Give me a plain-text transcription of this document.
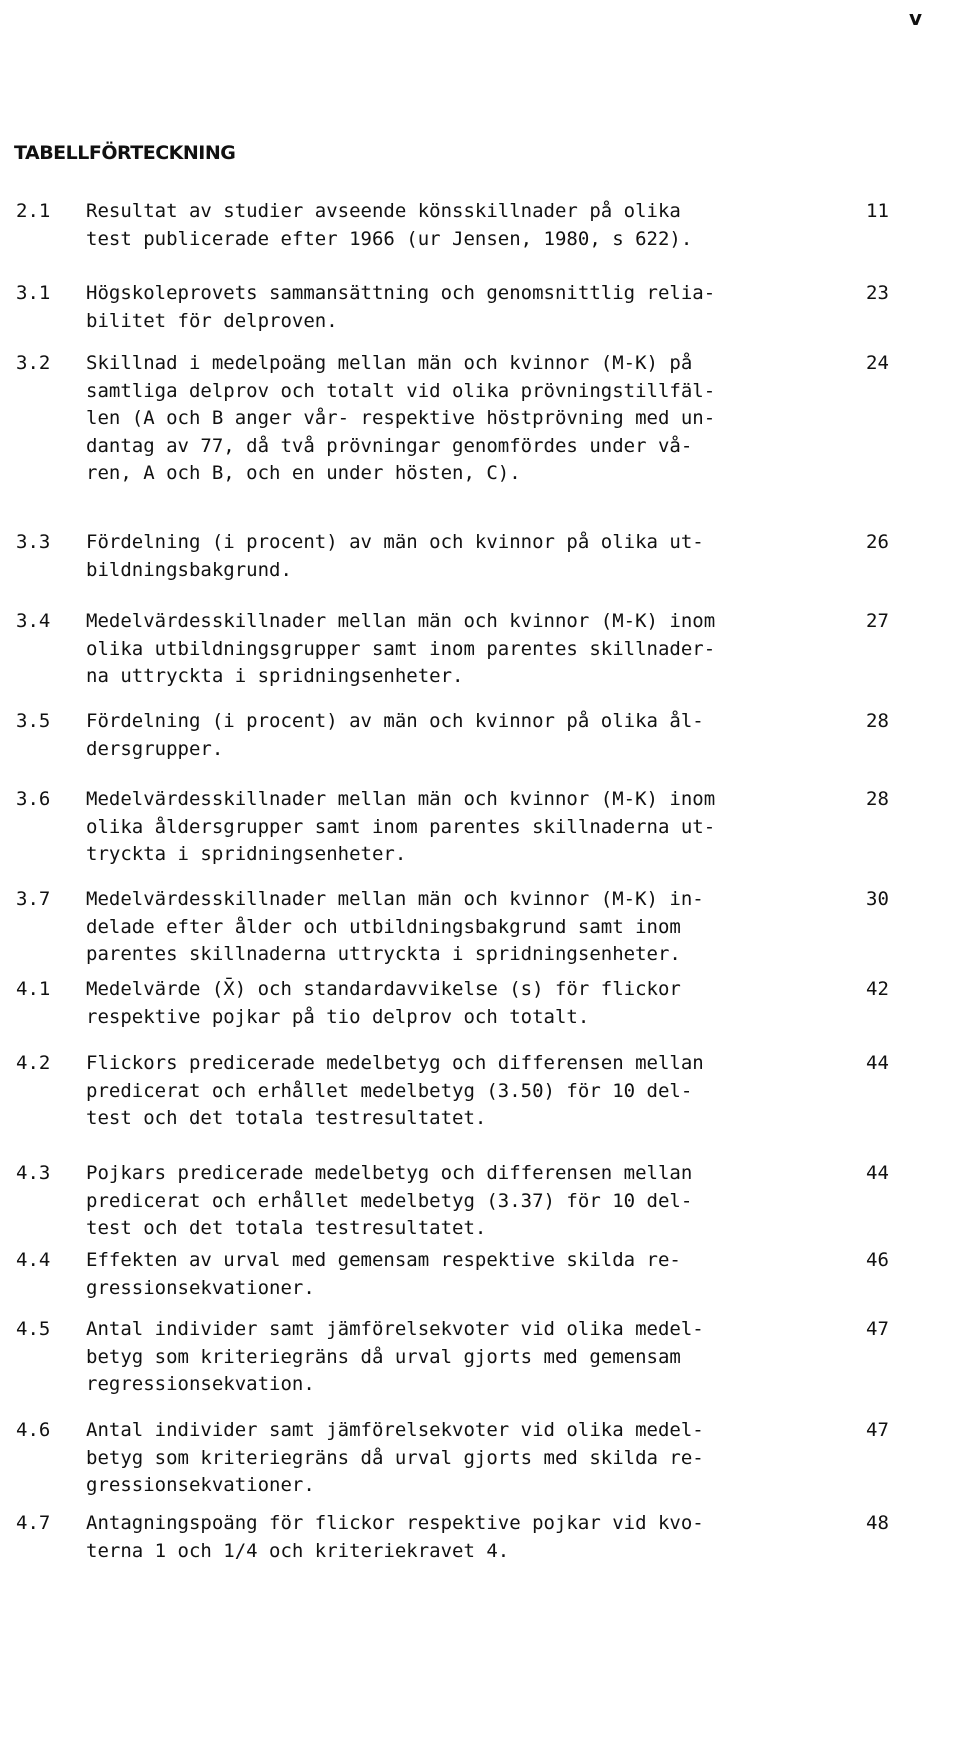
v
TABELLFÖRTECKNING
2.1 Resultat av studier avseende könsskillnader på olika
test publicerade efter 1966 (ur Jensen, 1980, s 622).
11
3.1 Högskoleprovets sammansättning och genomsnittlig relia-
bilitet för delproven.
23
3.2 Skillnad i medelpoäng mellan män och kvinnor (M-K) på
samtliga delprov och totalt vid olika prövningstillfäl-
len (A och B anger vår- respektive höstprövning med un-
dantag av 77, då två prövningar genomfördes under vå-
ren, A och B, och en under hösten, C).
24
3.3 Fördelning (i procent) av män och kvinnor på olika ut-
bildningsbakgrund.
26
3.4 Medelvärdesskillnader mellan män och kvinnor (M-K) inom
olika utbildningsgrupper samt inom parentes skillnader-
na uttryckta i spridningsenheter.
27
3.5 Fördelning (i procent) av män och kvinnor på olika ål-
dersgrupper.
28
3.6 Medelvärdesskillnader mellan män och kvinnor (M-K) inom
olika åldersgrupper samt inom parentes skillnaderna ut-
tryckta i spridningsenheter.
28
3.7 Medelvärdesskillnader mellan män och kvinnor (M-K) in-
delade efter ålder och utbildningsbakgrund samt inom
parentes skillnaderna uttryckta i spridningsenheter.
30
4.1 Medelvärde (X̄) och standardavvikelse (s) för flickor
respektive pojkar på tio delprov och totalt.
42
4.2 Flickors predicerade medelbetyg och differensen mellan
predicerat och erhållet medelbetyg (3.50) för 10 del-
test och det totala testresultatet.
44
4.3 Pojkars predicerade medelbetyg och differensen mellan
predicerat och erhållet medelbetyg (3.37) för 10 del-
test och det totala testresultatet.
44
4.4 Effekten av urval med gemensam respektive skilda re-
gressionsekvationer.
46
4.5 Antal individer samt jämförelsekvoter vid olika medel-
betyg som kriteriegräns då urval gjorts med gemensam
regressionsekvation.
47
4.6 Antal individer samt jämförelsekvoter vid olika medel-
betyg som kriteriegräns då urval gjorts med skilda re-
gressionsekvationer.
47
4.7 Antagningspoäng för flickor respektive pojkar vid kvo-
terna 1 och 1/4 och kriteriekravet 4.
48
